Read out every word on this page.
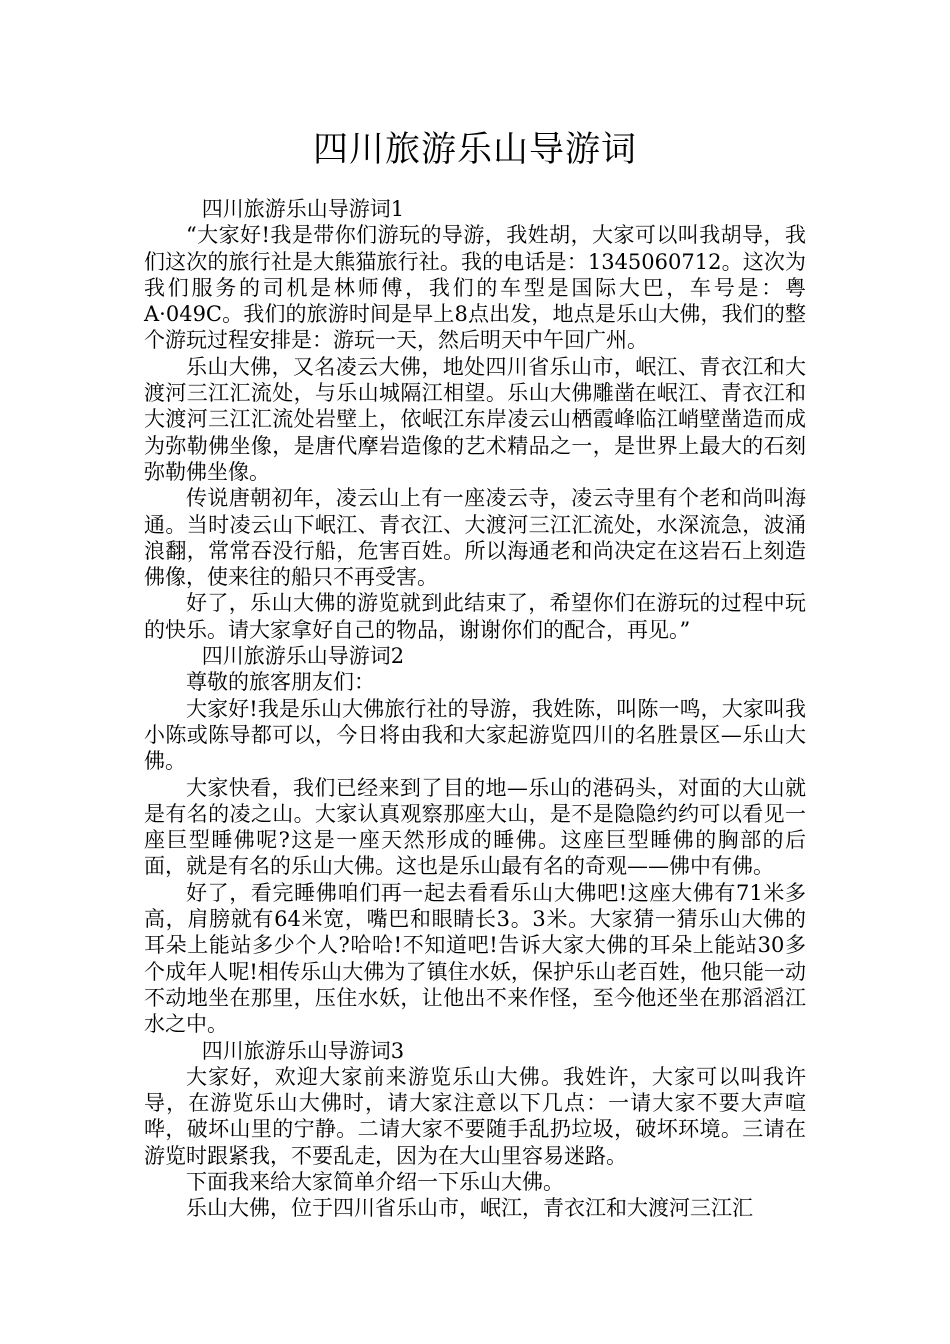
四川旅游乐山导游词

四川旅游乐山导游词1

“大家好!我是带你们游玩的导游，我姓胡，大家可以叫我胡导，我们这次的旅行社是大熊猫旅行社。我的电话是：1345060712。这次为我们服务的司机是林师傅，我们的车型是国际大巴，车号是：粤A·049C。我们的旅游时间是早上8点出发，地点是乐山大佛，我们的整个游玩过程安排是：游玩一天，然后明天中午回广州。

乐山大佛，又名凌云大佛，地处四川省乐山市，岷江、青衣江和大渡河三江汇流处，与乐山城隔江相望。乐山大佛雕凿在岷江、青衣江和大渡河三江汇流处岩壁上，依岷江东岸凌云山栖霞峰临江峭壁凿造而成为弥勒佛坐像，是唐代摩岩造像的艺术精品之一，是世界上最大的石刻弥勒佛坐像。

传说唐朝初年，凌云山上有一座凌云寺，凌云寺里有个老和尚叫海通。当时凌云山下岷江、青衣江、大渡河三江汇流处，水深流急，波涌浪翻，常常吞没行船，危害百姓。所以海通老和尚决定在这岩石上刻造佛像，使来往的船只不再受害。

好了，乐山大佛的游览就到此结束了，希望你们在游玩的过程中玩的快乐。请大家拿好自己的物品，谢谢你们的配合，再见。”

四川旅游乐山导游词2

尊敬的旅客朋友们：

大家好!我是乐山大佛旅行社的导游，我姓陈，叫陈一鸣，大家叫我小陈或陈导都可以，今日将由我和大家起游览四川的名胜景区—乐山大佛。

大家快看，我们已经来到了目的地—乐山的港码头，对面的大山就是有名的凌之山。大家认真观察那座大山，是不是隐隐约约可以看见一座巨型睡佛呢?这是一座天然形成的睡佛。这座巨型睡佛的胸部的后面，就是有名的乐山大佛。这也是乐山最有名的奇观——佛中有佛。

好了，看完睡佛咱们再一起去看看乐山大佛吧!这座大佛有71米多高，肩膀就有64米宽，嘴巴和眼睛长3。3米。大家猜一猜乐山大佛的耳朵上能站多少个人?哈哈!不知道吧!告诉大家大佛的耳朵上能站30多个成年人呢!相传乐山大佛为了镇住水妖，保护乐山老百姓，他只能一动不动地坐在那里，压住水妖，让他出不来作怪，至今他还坐在那滔滔江水之中。

四川旅游乐山导游词3

大家好，欢迎大家前来游览乐山大佛。我姓许，大家可以叫我许导，在游览乐山大佛时，请大家注意以下几点：一请大家不要大声喧哗，破坏山里的宁静。二请大家不要随手乱扔垃圾，破坏环境。三请在游览时跟紧我，不要乱走，因为在大山里容易迷路。

下面我来给大家简单介绍一下乐山大佛。

乐山大佛，位于四川省乐山市，岷江，青衣江和大渡河三江汇
